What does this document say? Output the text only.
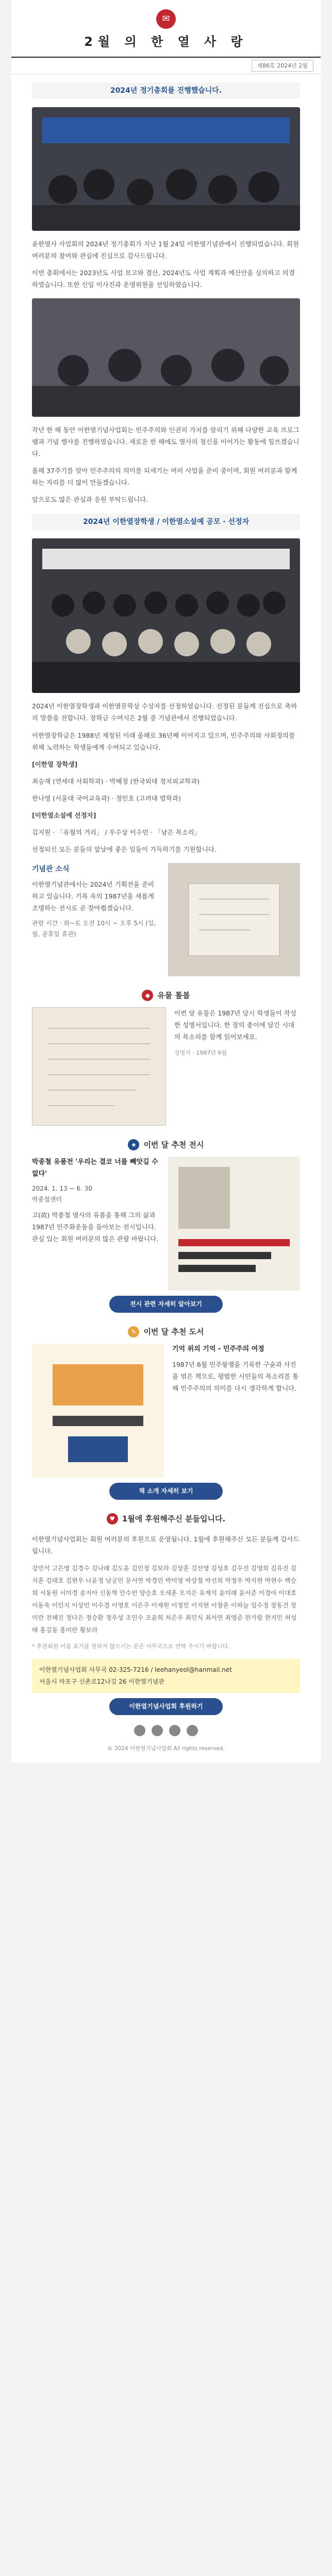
✉
2월 의 한 열 사 랑
제86호 2024년 2월
2024년 정기총회를 진행했습니다.

윤한열사 사업회의 2024년 정기총회가 지난 1월 24일 이한열기념관에서 진행되었습니다. 회원 여러분의 참여와 관심에 진심으로 감사드립니다.

이번 총회에서는 2023년도 사업 보고와 결산, 2024년도 사업 계획과 예산안을 심의하고 의결하였습니다. 또한 신임 이사진과 운영위원을 선임하였습니다.

작년 한 해 동안 이한열기념사업회는 민주주의와 인권의 가치를 알리기 위해 다양한 교육 프로그램과 기념 행사를 진행하였습니다. 새로운 한 해에도 열사의 정신을 이어가는 활동에 힘쓰겠습니다.

올해 37주기를 맞아 민주주의의 의미를 되새기는 여러 사업을 준비 중이며, 회원 여러분과 함께하는 자리를 더 많이 만들겠습니다.

앞으로도 많은 관심과 응원 부탁드립니다.

2024년 이한열장학생 / 이한열소설예 공모 · 선정자

2024년 이한열장학생과 이한열문학상 수상자를 선정하였습니다. 선정된 분들께 진심으로 축하의 말씀을 전합니다. 장학금 수여식은 2월 중 기념관에서 진행되었습니다.

이한열장학금은 1988년 제정된 이래 올해로 36년째 이어지고 있으며, 민주주의와 사회정의를 위해 노력하는 학생들에게 수여되고 있습니다.

[이한열 장학생]

최승재 (연세대 사회학과) · 박혜정 (한국외대 정치외교학과)

한나영 (서울대 국어교육과) · 정민호 (고려대 법학과)

[이한열소설예 선정자]

김지원 · 「유월의 거리」 / 우수상 이수민 · 「남은 목소리」

선정되신 모든 분들의 앞날에 좋은 일들이 가득하기를 기원합니다.

기념관 소식

이한열기념관에서는 2024년 기획전을 준비하고 있습니다. 기록 속의 1987년을 새롭게 조명하는 전시로 곧 찾아뵙겠습니다.

관람 시간 · 화~토 오전 10시 ~ 오후 5시 (일, 월, 공휴일 휴관)

◆ 유물 톺볼

이번 달 유물은 1987년 당시 학생들이 작성한 성명서입니다. 한 장의 종이에 담긴 시대의 목소리를 함께 읽어보세요.

성명서 · 1987년 6월

★ 이번 달 추천 전시

박종철 유품전 '우리는 결코 너를 빼앗길 수 없다'

2024. 1. 13 ~ 6. 30

박종철센터

고(故) 박종철 열사의 유품을 통해 그의 삶과 1987년 민주화운동을 돌아보는 전시입니다. 관심 있는 회원 여러분의 많은 관람 바랍니다.

전시 관련 자세히 알아보기
✎ 이번 달 추천 도서

기억 위의 기억 - 민주주의 여정

1987년 6월 민주항쟁을 기록한 구술과 사진을 엮은 책으로, 평범한 시민들의 목소리를 통해 민주주의의 의미를 다시 생각하게 합니다.

책 소개 자세히 보기
♥ 1월에 후원해주신 분들입니다.

이한열기념사업회는 회원 여러분의 후원으로 운영됩니다. 1월에 후원해주신 모든 분들께 감사드립니다.

강민석 고은영 김경수 김나래 김도윤 김민정 김보라 김상훈 김선영 김성호 김수진 김영희 김유진 김지훈 김태호 김현우 나윤정 남궁민 문서연 박경민 박미영 박상철 박선희 박정우 박지현 박현수 백승희 서동원 서미경 송지아 신동혁 안수빈 양승호 오세훈 오지은 유재석 윤미래 윤서준 이경아 이대호 이동욱 이민지 이상민 이수경 이영호 이은주 이재원 이정민 이지현 이창훈 이하늘 임수정 장동건 장미란 전혜진 정다은 정승환 정우성 조민수 조윤희 차은우 최민식 최서연 최영준 한가람 한지민 허성태 홍길동 홍미란 황보라

* 후원회원 이름 표기를 원하지 않으시는 분은 사무국으로 연락 주시기 바랍니다.

이한열기념사업회 사무국 02-325-7216 / leehanyeol@hanmail.net
서울시 마포구 신촌로12나길 26 이한열기념관
이한열기념사업회 후원하기
© 2024 이한열기념사업회 All rights reserved.
